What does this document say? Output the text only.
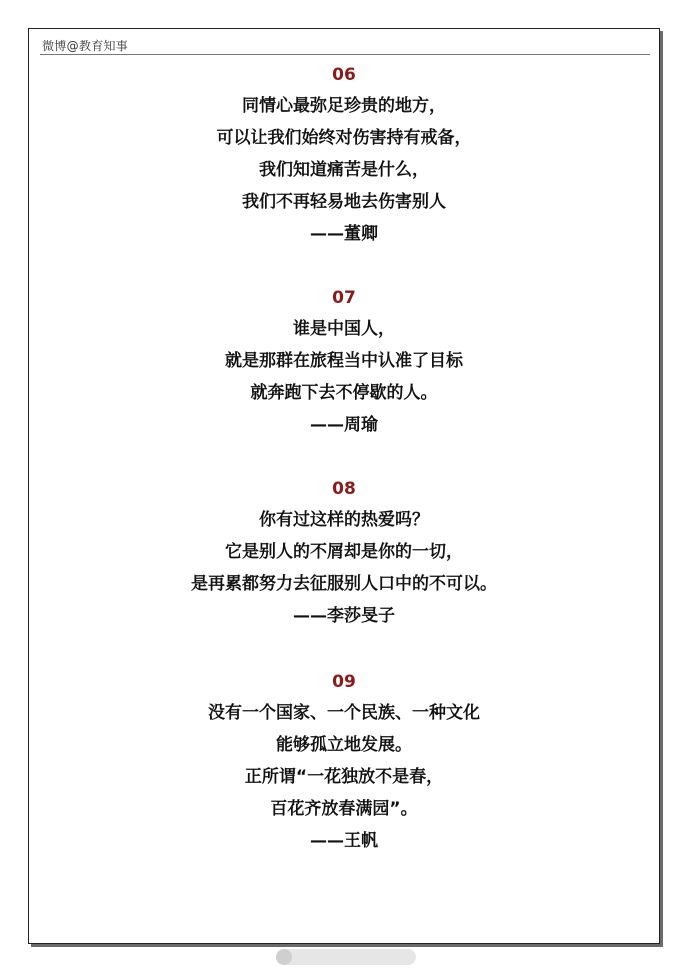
微博@教育知事
06
同情心最弥足珍贵的地方，
可以让我们始终对伤害持有戒备，
我们知道痛苦是什么，
我们不再轻易地去伤害别人
——董卿
07
谁是中国人，
就是那群在旅程当中认准了目标
就奔跑下去不停歇的人。
——周瑜
08
你有过这样的热爱吗？
它是别人的不屑却是你的一切，
是再累都努力去征服别人口中的不可以。
——李莎旻子
09
没有一个国家、一个民族、一种文化
能够孤立地发展。
正所谓“一花独放不是春，
百花齐放春满园”。
——王帆
